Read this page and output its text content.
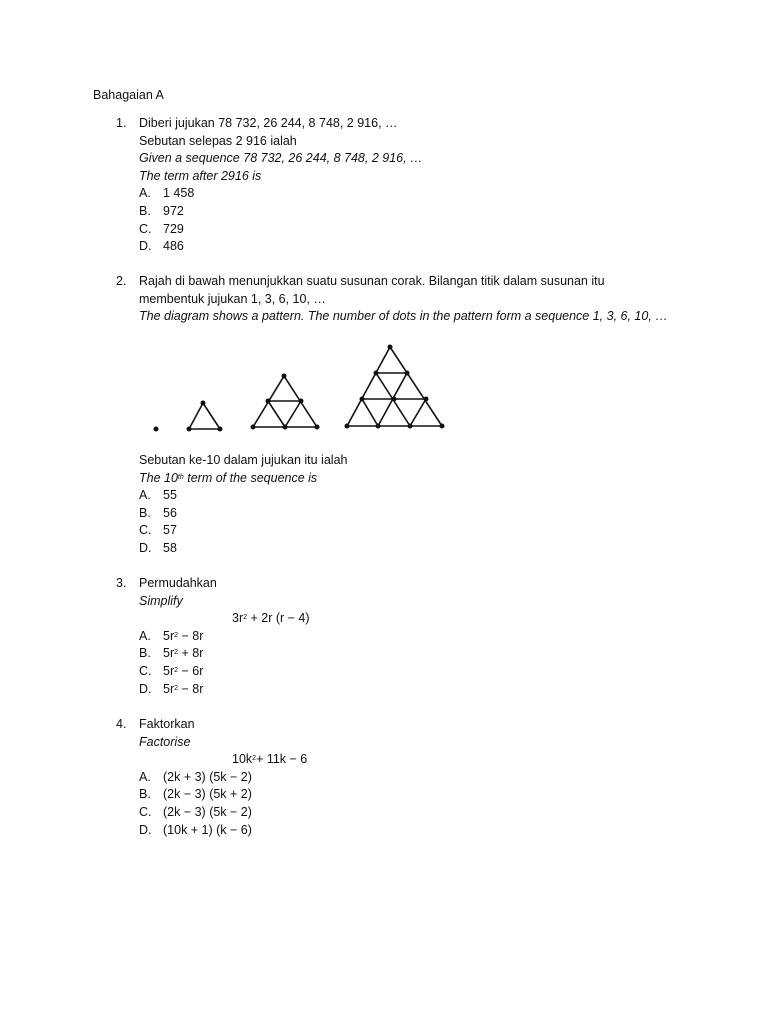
Bahagaian A
1. Diberi jujukan 78 732, 26 244, 8 748, 2 916, …
Sebutan selepas 2 916 ialah
Given a sequence 78 732, 26 244, 8 748, 2 916, …
The term after 2916 is
A. 1 458
B. 972
C. 729
D. 486
2. Rajah di bawah menunjukkan suatu susunan corak. Bilangan titik dalam susunan itu
membentuk jujukan 1, 3, 6, 10, …
The diagram shows a pattern. The number of dots in the pattern form a sequence 1, 3, 6, 10, …
Sebutan ke-10 dalam jujukan itu ialah
The 10th term of the sequence is
A. 55
B. 56
C. 57
D. 58
3. Permudahkan
Simplify
$3r^2 + 2r$ (r − 4)
A. $5r^2 - 8r$
B. $5r^2 + 8r$
C. $5r^2 - 6r$
D. $5r^2 - 8r$
4. Faktorkan
Factorise
$10k^2+ 11k - 6$
A. (2k + 3) (5k − 2)
B. (2k − 3) (5k + 2)
C. (2k − 3) (5k − 2)
D. (10k + 1) (k − 6)
